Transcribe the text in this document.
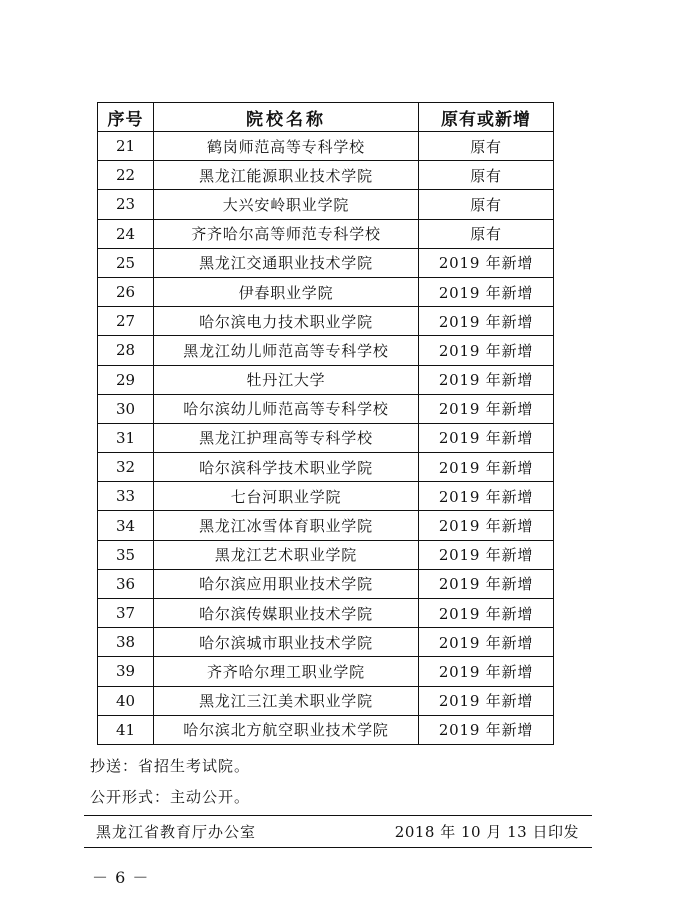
序号	院校名称	原有或新增
21	鹤岗师范高等专科学校	原有
22	黑龙江能源职业技术学院	原有
23	大兴安岭职业学院	原有
24	齐齐哈尔高等师范专科学校	原有
25	黑龙江交通职业技术学院	2019 年新增
26	伊春职业学院	2019 年新增
27	哈尔滨电力技术职业学院	2019 年新增
28	黑龙江幼儿师范高等专科学校	2019 年新增
29	牡丹江大学	2019 年新增
30	哈尔滨幼儿师范高等专科学校	2019 年新增
31	黑龙江护理高等专科学校	2019 年新增
32	哈尔滨科学技术职业学院	2019 年新增
33	七台河职业学院	2019 年新增
34	黑龙江冰雪体育职业学院	2019 年新增
35	黑龙江艺术职业学院	2019 年新增
36	哈尔滨应用职业技术学院	2019 年新增
37	哈尔滨传媒职业技术学院	2019 年新增
38	哈尔滨城市职业技术学院	2019 年新增
39	齐齐哈尔理工职业学院	2019 年新增
40	黑龙江三江美术职业学院	2019 年新增
41	哈尔滨北方航空职业技术学院	2019 年新增
抄送：省招生考试院。
公开形式：主动公开。
黑龙江省教育厅办公室	2018 年 10 月 13 日印发
－ 6 －
